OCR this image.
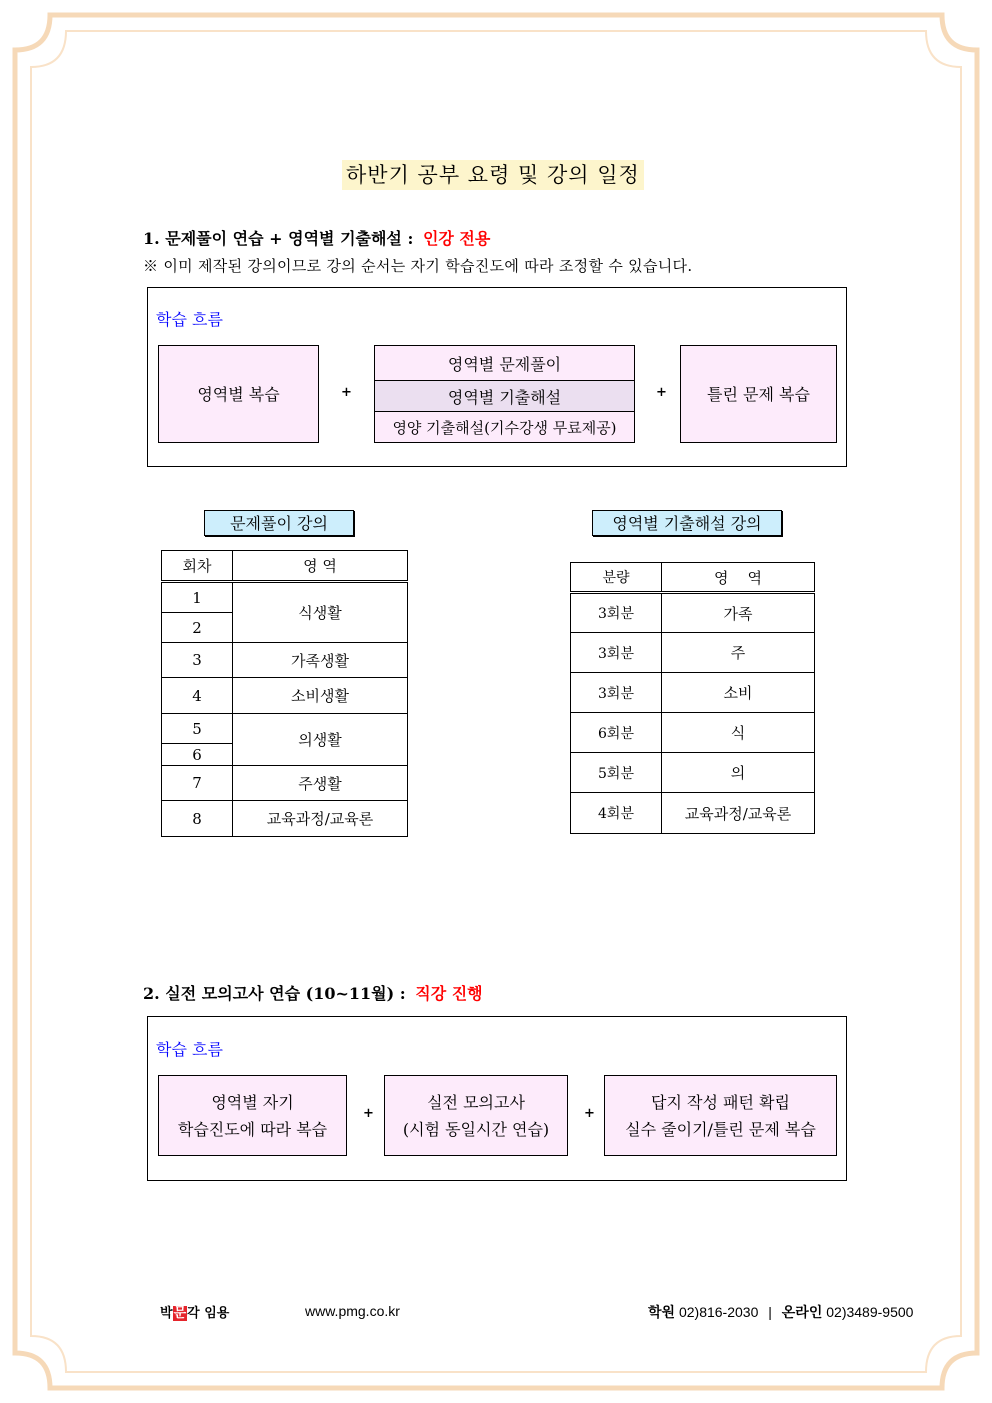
하반기 공부 요령 및 강의 일정
1. 문제풀이 연습 + 영역별 기출해설 : 인강 전용
※ 이미 제작된 강의이므로 강의 순서는 자기 학습진도에 따라 조정할 수 있습니다.
학습 흐름
영역별 복습	+
영역별 문제풀이
영역별 기출해설
영양 기출해설(기수강생 무료제공)
+	틀린 문제 복습
문제풀이 강의
회차	영 역
1	식생활
2	
3	가족생활
4	소비생활
5	의생활
6	
7	주생활
8	교육과정/교육론
영역별 기출해설 강의
분량	영    역
3회분	가족
3회분	주
3회분	소비
6회분	식
5회분	의
4회분	교육과정/교육론
2. 실전 모의고사 연습 (10~11월) : 직강 진행
학습 흐름
영역별 자기
학습진도에 따라 복습
+
실전 모의고사
(시험 동일시간 연습)
+
답지 작성 패턴 확립
실수 줄이기/틀린 문제 복습
박문각 임용	www.pmg.co.kr	학원 02)816-2030 | 온라인 02)3489-9500
